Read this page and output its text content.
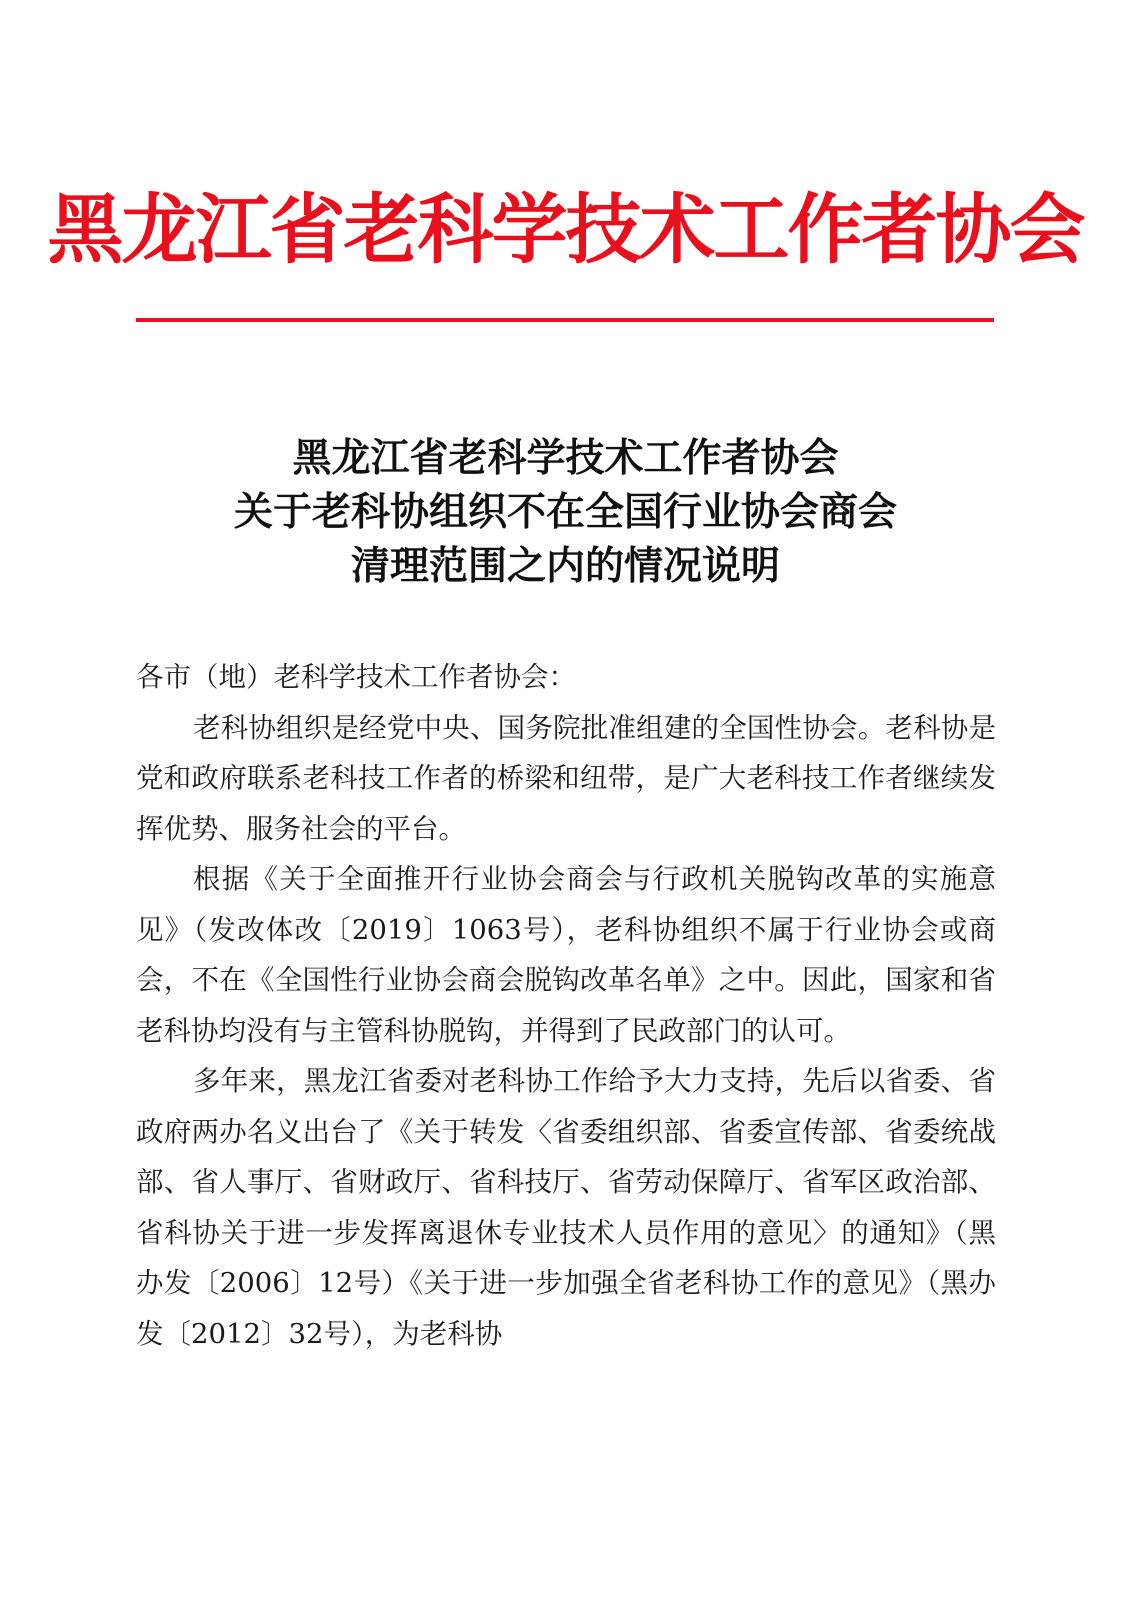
黑龙江省老科学技术工作者协会
黑龙江省老科学技术工作者协会
关于老科协组织不在全国行业协会商会
清理范围之内的情况说明

各市（地）老科学技术工作者协会：

老科协组织是经党中央、国务院批准组建的全国性协会。老科协是党和政府联系老科技工作者的桥梁和纽带，是广大老科技工作者继续发挥优势、服务社会的平台。

根据《关于全面推开行业协会商会与行政机关脱钩改革的实施意见》（发改体改〔2019〕1063号），老科协组织不属于行业协会或商会，不在《全国性行业协会商会脱钩改革名单》之中。因此，国家和省老科协均没有与主管科协脱钩，并得到了民政部门的认可。

多年来，黑龙江省委对老科协工作给予大力支持，先后以省委、省政府两办名义出台了《关于转发〈省委组织部、省委宣传部、省委统战部、省人事厅、省财政厅、省科技厅、省劳动保障厅、省军区政治部、省科协关于进一步发挥离退休专业技术人员作用的意见〉的通知》（黑办发〔2006〕12号）《关于进一步加强全省老科协工作的意见》（黑办发〔2012〕32号），为老科协
